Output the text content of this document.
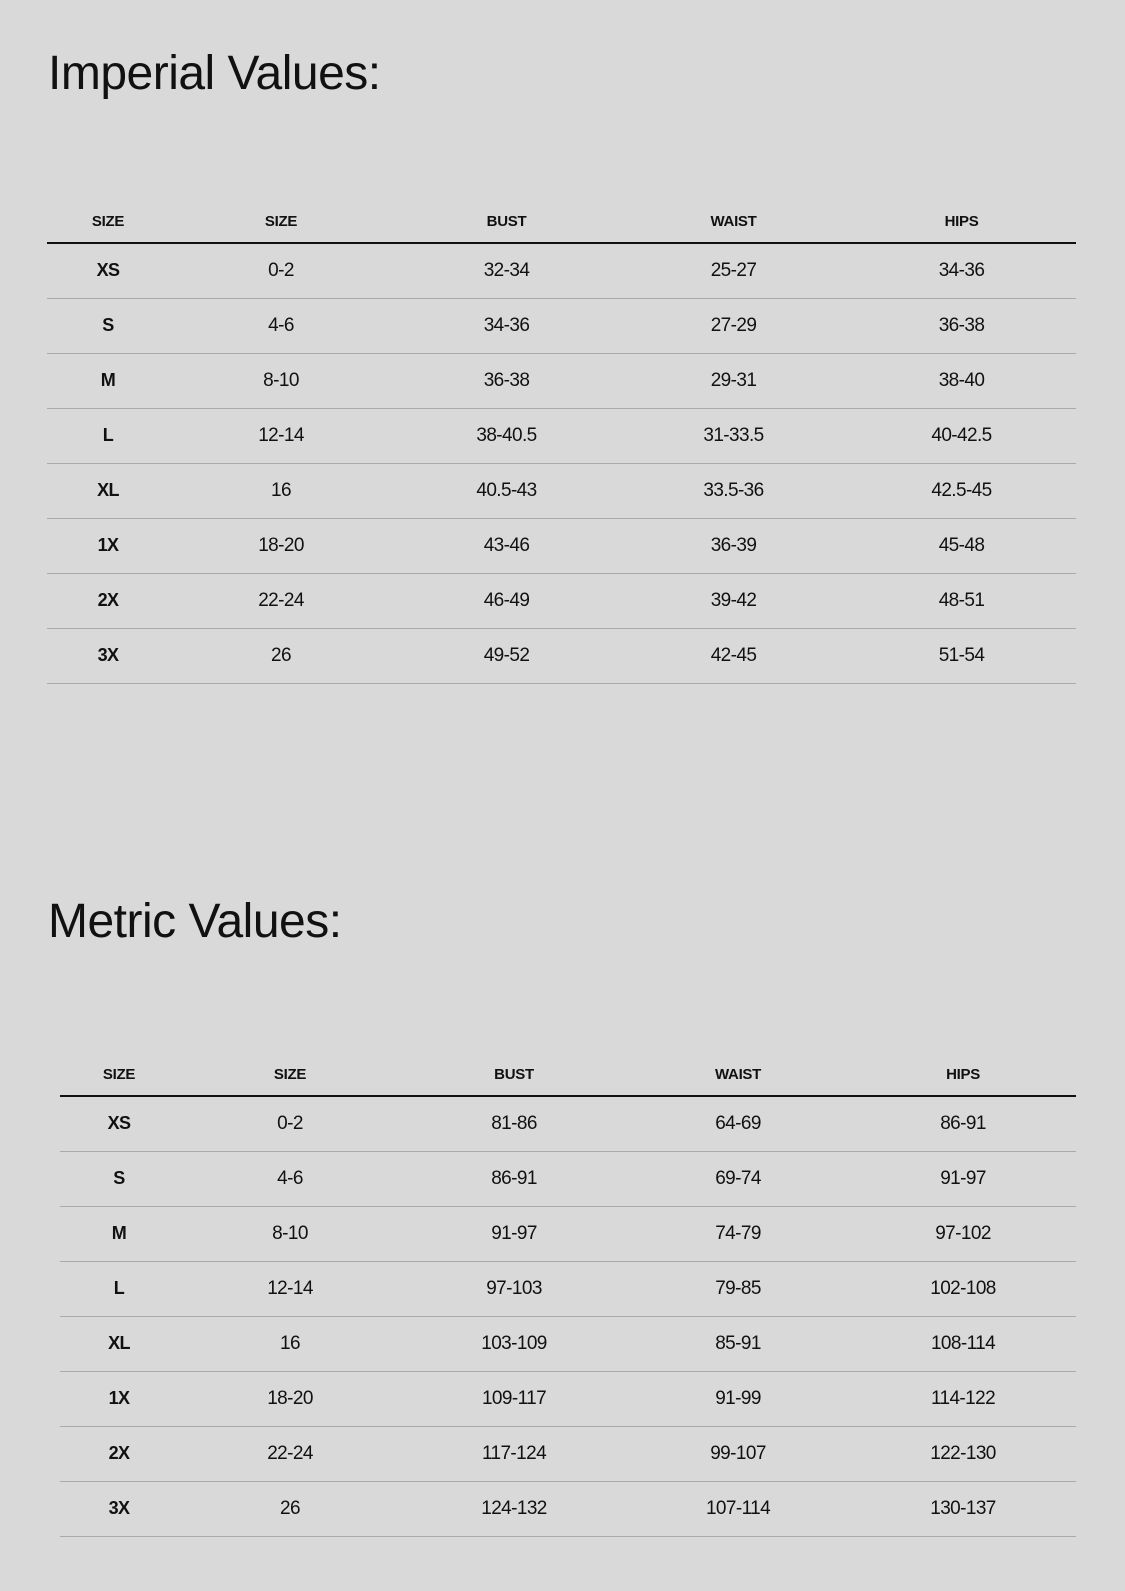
Imperial Values:
SIZE	SIZE	BUST	WAIST	HIPS
XS	0-2	32-34	25-27	34-36
S	4-6	34-36	27-29	36-38
M	8-10	36-38	29-31	38-40
L	12-14	38-40.5	31-33.5	40-42.5
XL	16	40.5-43	33.5-36	42.5-45
1X	18-20	43-46	36-39	45-48
2X	22-24	46-49	39-42	48-51
3X	26	49-52	42-45	51-54
Metric Values:
SIZE	SIZE	BUST	WAIST	HIPS
XS	0-2	81-86	64-69	86-91
S	4-6	86-91	69-74	91-97
M	8-10	91-97	74-79	97-102
L	12-14	97-103	79-85	102-108
XL	16	103-109	85-91	108-114
1X	18-20	109-117	91-99	114-122
2X	22-24	117-124	99-107	122-130
3X	26	124-132	107-114	130-137
